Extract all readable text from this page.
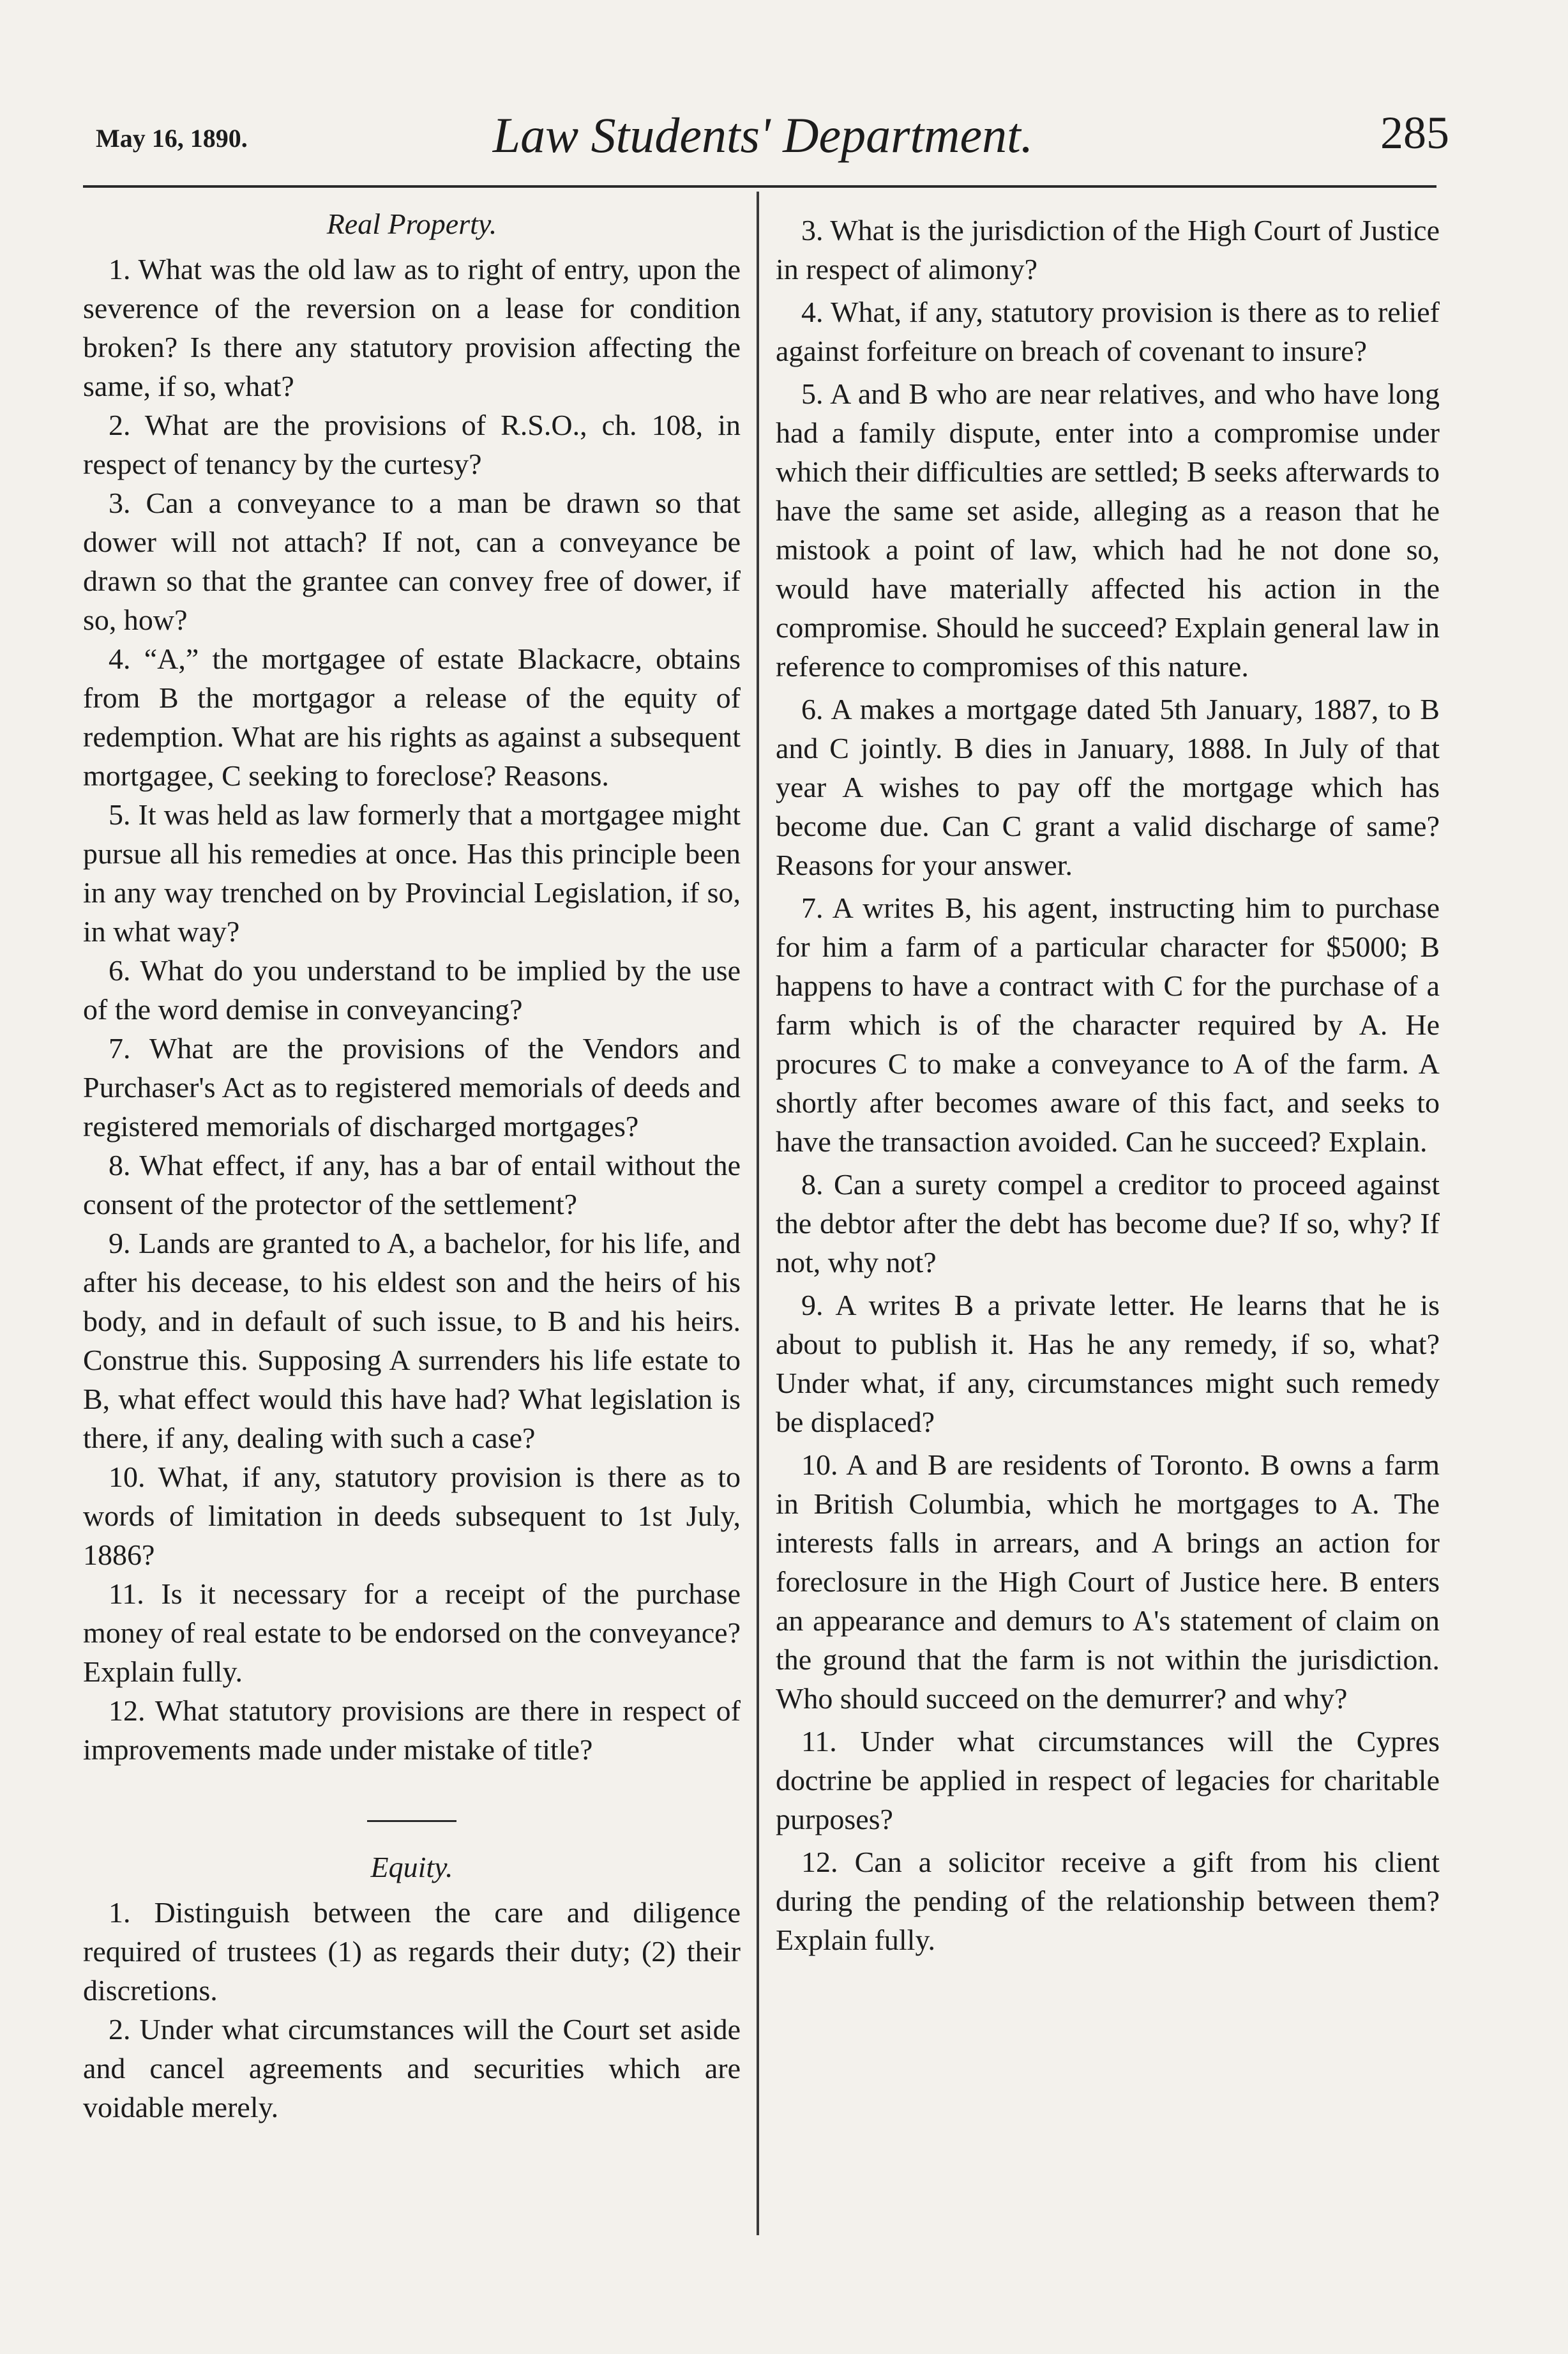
May 16, 1890.	Law Students' Department.	285
Real Property.

1. What was the old law as to right of entry, upon the severence of the reversion on a lease for condition broken? Is there any statutory provision affecting the same, if so, what?

2. What are the provisions of R.S.O., ch. 108, in respect of tenancy by the curtesy?

3. Can a conveyance to a man be drawn so that dower will not attach? If not, can a conveyance be drawn so that the grantee can convey free of dower, if so, how?

4. “A,” the mortgagee of estate Blackacre, obtains from B the mortgagor a release of the equity of redemption. What are his rights as against a subsequent mortgagee, C seeking to foreclose? Reasons.

5. It was held as law formerly that a mortgagee might pursue all his remedies at once. Has this principle been in any way trenched on by Provincial Legislation, if so, in what way?

6. What do you understand to be implied by the use of the word demise in conveyancing?

7. What are the provisions of the Vendors and Purchaser's Act as to registered memorials of deeds and registered memorials of discharged mortgages?

8. What effect, if any, has a bar of entail without the consent of the protector of the settlement?

9. Lands are granted to A, a bachelor, for his life, and after his decease, to his eldest son and the heirs of his body, and in default of such issue, to B and his heirs. Construe this. Supposing A surrenders his life estate to B, what effect would this have had? What legislation is there, if any, dealing with such a case?

10. What, if any, statutory provision is there as to words of limitation in deeds subsequent to 1st July, 1886?

11. Is it necessary for a receipt of the purchase money of real estate to be endorsed on the conveyance? Explain fully.

12. What statutory provisions are there in respect of improvements made under mistake of title?

Equity.

1. Distinguish between the care and diligence required of trustees (1) as regards their duty; (2) their discretions.

2. Under what circumstances will the Court set aside and cancel agreements and securities which are voidable merely.

3. What is the jurisdiction of the High Court of Justice in respect of alimony?

4. What, if any, statutory provision is there as to relief against forfeiture on breach of covenant to insure?

5. A and B who are near relatives, and who have long had a family dispute, enter into a compromise under which their difficulties are settled; B seeks afterwards to have the same set aside, alleging as a reason that he mistook a point of law, which had he not done so, would have materially affected his action in the compromise. Should he succeed? Explain general law in reference to compromises of this nature.

6. A makes a mortgage dated 5th January, 1887, to B and C jointly. B dies in January, 1888. In July of that year A wishes to pay off the mortgage which has become due. Can C grant a valid discharge of same? Reasons for your answer.

7. A writes B, his agent, instructing him to purchase for him a farm of a particular character for $5000; B happens to have a contract with C for the purchase of a farm which is of the character required by A. He procures C to make a conveyance to A of the farm. A shortly after becomes aware of this fact, and seeks to have the transaction avoided. Can he succeed? Explain.

8. Can a surety compel a creditor to proceed against the debtor after the debt has become due? If so, why? If not, why not?

9. A writes B a private letter. He learns that he is about to publish it. Has he any remedy, if so, what? Under what, if any, circumstances might such remedy be displaced?

10. A and B are residents of Toronto. B owns a farm in British Columbia, which he mortgages to A. The interests falls in arrears, and A brings an action for foreclosure in the High Court of Justice here. B enters an appearance and demurs to A's statement of claim on the ground that the farm is not within the jurisdiction. Who should succeed on the demurrer? and why?

11. Under what circumstances will the Cypres doctrine be applied in respect of legacies for charitable purposes?

12. Can a solicitor receive a gift from his client during the pending of the relationship between them? Explain fully.
